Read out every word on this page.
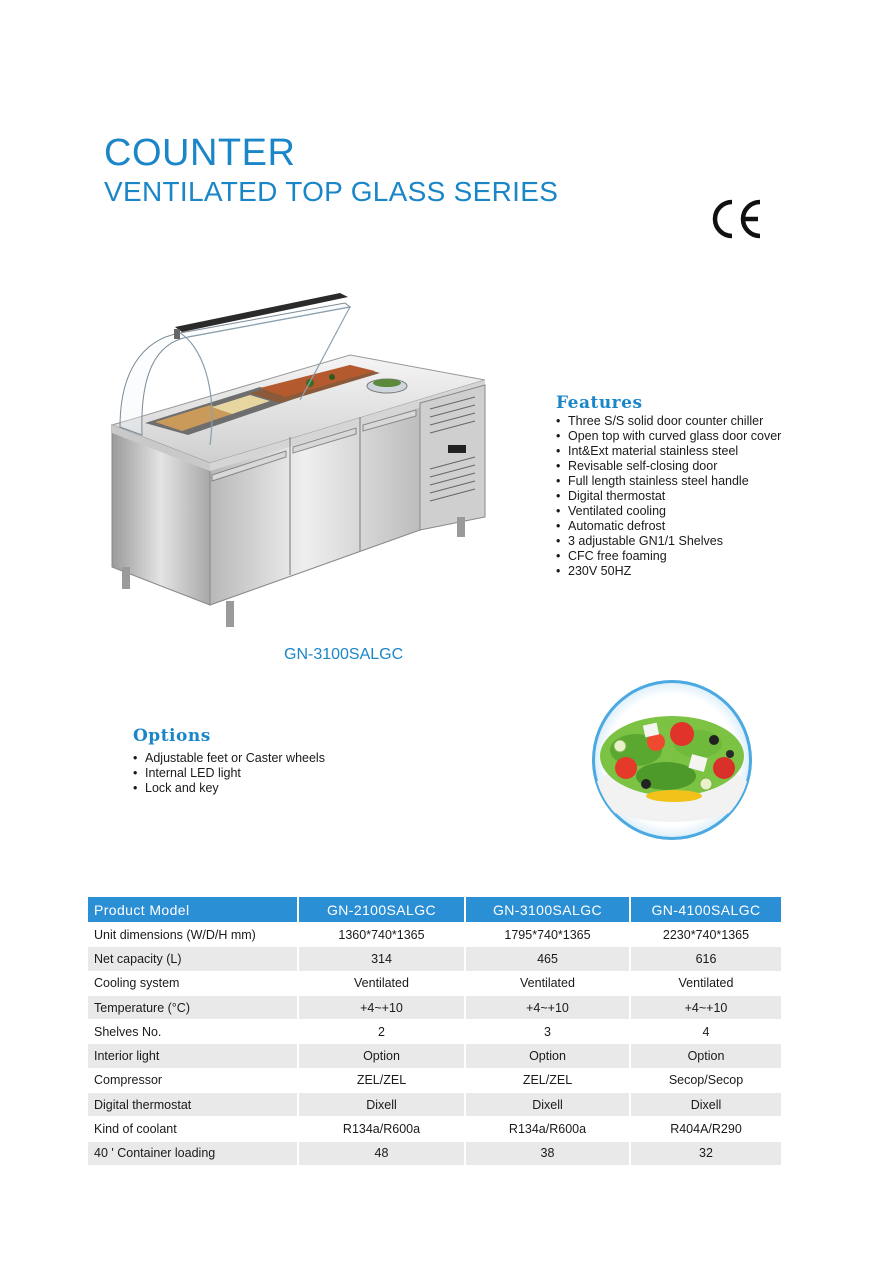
COUNTER
VENTILATED TOP GLASS SERIES
GN-3100SALGC
Features
• Three S/S solid door counter chiller
• Open top with curved glass door cover
• Int&Ext material stainless steel
• Revisable self-closing door
• Full length stainless steel handle
• Digital thermostat
• Ventilated cooling
• Automatic defrost
• 3 adjustable GN1/1 Shelves
• CFC free foaming
• 230V 50HZ
Options
• Adjustable feet or Caster wheels
• Internal LED light
• Lock and key
Product Model	GN-2100SALGC	GN-3100SALGC	GN-4100SALGC
Unit dimensions (W/D/H mm)	1360*740*1365	1795*740*1365	2230*740*1365
Net capacity (L)	314	465	616
Cooling system	Ventilated	Ventilated	Ventilated
Temperature (°C)	+4~+10	+4~+10	+4~+10
Shelves No.	2	3	4
Interior light	Option	Option	Option
Compressor	ZEL/ZEL	ZEL/ZEL	Secop/Secop
Digital thermostat	Dixell	Dixell	Dixell
Kind of coolant	R134a/R600a	R134a/R600a	R404A/R290
40 ' Container loading	48	38	32
